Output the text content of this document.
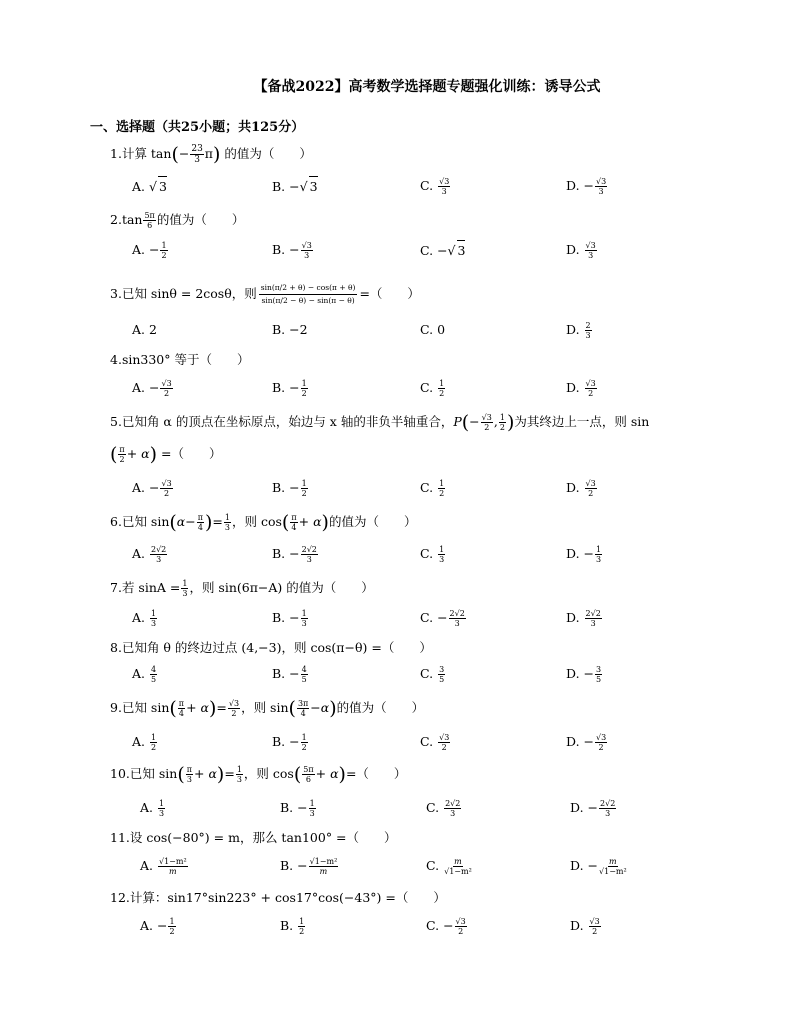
【备战2022】高考数学选择题专题强化训练：诱导公式
一、选择题（共25小题；共125分）
1.计算 $\tan(- \frac{23}{3} \pi)$ 的值为（　　）
A. √ 3	B. −√ 3	C. $\frac{√3}{3}$	D. − $\frac{√3}{3}$
$2.\tan \frac{5\pi}{6}$ 的值为（　　）
A. − $\frac{1}{2}$	B. − $\frac{√3}{3}$	C. −√ 3	D. $\frac{√3}{3}$
3.已知 sinθ = 2cosθ，则 $\frac{\sin(\pi/2 + \theta) - \cos(\pi + \theta)}{\sin(\pi/2 - \theta) - \sin(\pi - \theta)}$ =（　　）
A. 2	B. −2	C. 0	D. $\frac{2}{3}$
4.sin330° 等于（　　）
A. − $\frac{√3}{2}$	B. − $\frac{1}{2}$	C. $\frac{1}{2}$	D. $\frac{√3}{2}$
5.已知角 α 的顶点在坐标原点，始边与 x 轴的非负半轴重合，$P(- \frac{√3}{2}$ , $\frac{1}{2}$ )为其终边上一点，则 sin
( $\frac{\pi}{2} + \alpha$) =（　　）
A. − $\frac{√3}{2}$	B. − $\frac{1}{2}$	C. $\frac{1}{2}$	D. $\frac{√3}{2}$
6.已知 $\sin(\alpha- \frac{\pi}{4}$ )= $\frac{1}{3}$ ，则 $\cos( \frac{\pi}{4} + \alpha)$的值为（　　）
A. $\frac{2√2}{3}$	B. − $\frac{2√2}{3}$	C. $\frac{1}{3}$	D. − $\frac{1}{3}$
7.若 $\sin A = \frac{1}{3}$ ，则 sin(6π−A) 的值为（　　）
A. $\frac{1}{3}$	B. − $\frac{1}{3}$	C. − $\frac{2√2}{3}$	D. $\frac{2√2}{3}$
8.已知角 θ 的终边过点 (4,−3)，则 cos(π−θ) =（　　）
A. $\frac{4}{5}$	B. − $\frac{4}{5}$	C. $\frac{3}{5}$	D. − $\frac{3}{5}$
9.已知 $\sin( \frac{\pi}{4} + \alpha)= \frac{√3}{2}$ ，则 $\sin( \frac{3\pi}{4} -\alpha)$的值为（　　）
A. $\frac{1}{2}$	B. − $\frac{1}{2}$	C. $\frac{√3}{2}$	D. − $\frac{√3}{2}$
10.已知 $\sin( \frac{\pi}{3} + \alpha)= \frac{1}{3}$ ，则 $\cos( \frac{5\pi}{6} + \alpha)=$（　　）
A. $\frac{1}{3}$	B. − $\frac{1}{3}$	C. $\frac{2√2}{3}$	D. − $\frac{2√2}{3}$
11.设 cos(−80°) = m，那么 tan100° =（　　）
A. $\frac{\text{√1−m²}}{m}$	B. − $\frac{\text{√1−m²}}{m}$	C. $\frac{m}{\text{√1−m²}}$	D. − $\frac{m}{\text{√1−m²}}$
12.计算：sin17°sin223° + cos17°cos(−43°) =（　　）
A. − $\frac{1}{2}$	B. $\frac{1}{2}$	C. − $\frac{√3}{2}$	D. $\frac{√3}{2}$
